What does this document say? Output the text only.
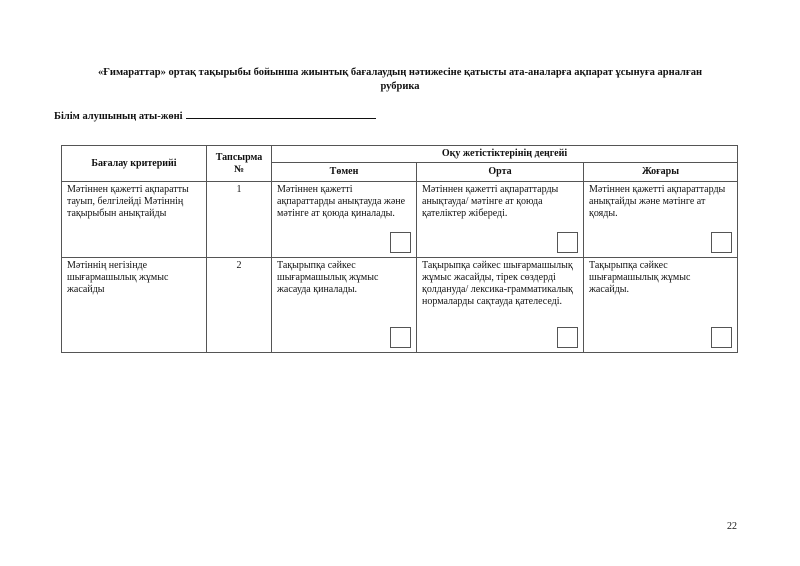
«Ғимараттар» ортақ тақырыбы бойынша жиынтық бағалаудың нәтижесіне қатысты ата-аналарға ақпарат ұсынуға арналған
рубрика
Білім алушының аты-жөні
Бағалау критерийі	Тапсырма №	Оқу жетістіктерінің деңгейі		
		Төмен	Орта	Жоғары
Мәтіннен қажетті ақпаратты тауып, белгілейді Мәтіннің тақырыбын анықтайды	1	Мәтіннен қажетті ақпараттарды анықтауда және мәтінге ат қоюда қиналады.	Мәтіннен қажетті ақпараттарды анықтауда/ мәтінге ат қоюда қателіктер жібереді.	Мәтіннен қажетті ақпараттарды анықтайды және мәтінге ат қояды.

Мәтіннің негізінде шығармашылық жұмыс жасайды	2	Тақырыпқа сәйкес шығармашылық жұмыс жасауда қиналады.	Тақырыпқа сәйкес шығармашылық жұмыс жасайды, тірек сөздерді қолдануда/ лексика-грамматикалық нормаларды сақтауда қателеседі.	Тақырыпқа сәйкес шығармашылық жұмыс жасайды.
22
